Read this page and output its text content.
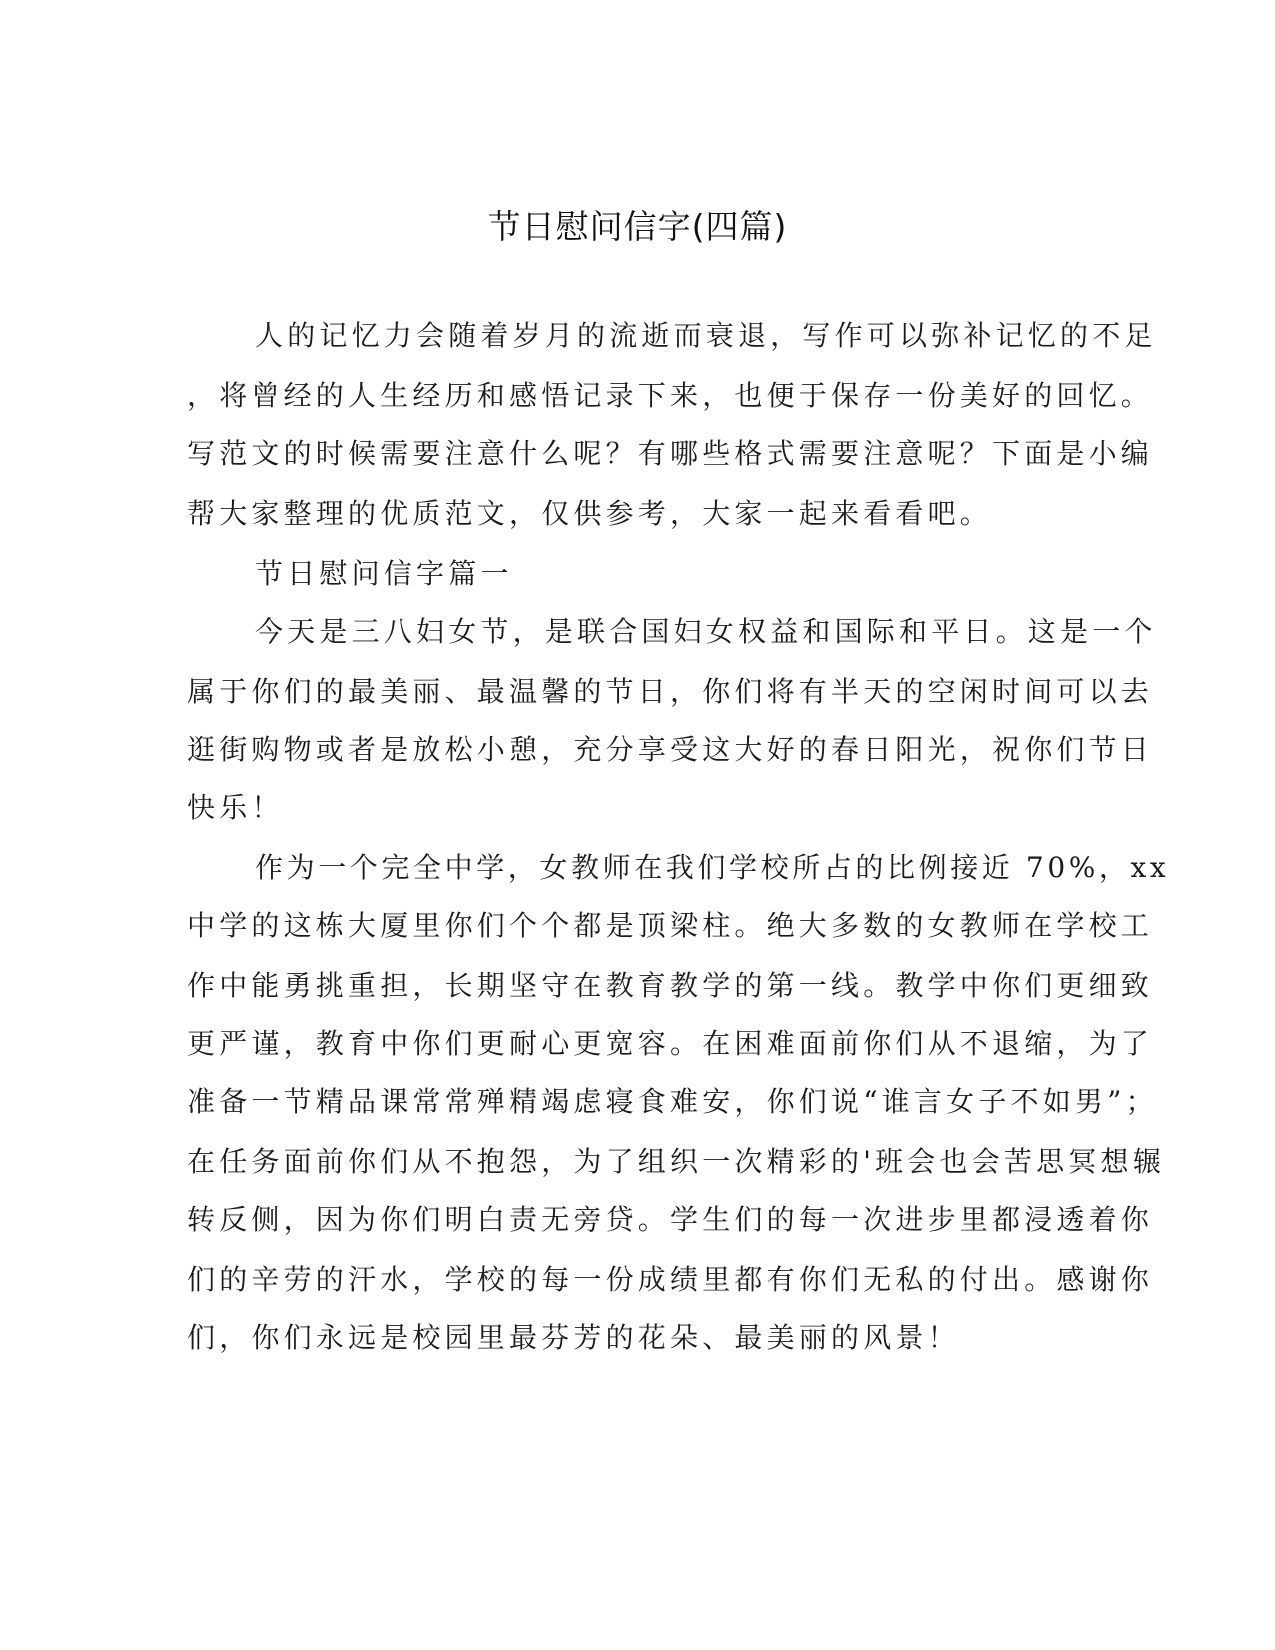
节日慰问信字(四篇)
人的记忆力会随着岁月的流逝而衰退，写作可以弥补记忆的不足
，将曾经的人生经历和感悟记录下来，也便于保存一份美好的回忆。
写范文的时候需要注意什么呢？有哪些格式需要注意呢？下面是小编
帮大家整理的优质范文，仅供参考，大家一起来看看吧。
节日慰问信字篇一
今天是三八妇女节，是联合国妇女权益和国际和平日。这是一个
属于你们的最美丽、最温馨的节日，你们将有半天的空闲时间可以去
逛街购物或者是放松小憩，充分享受这大好的春日阳光，祝你们节日
快乐！
作为一个完全中学，女教师在我们学校所占的比例接近 70%，xx
中学的这栋大厦里你们个个都是顶梁柱。绝大多数的女教师在学校工
作中能勇挑重担，长期坚守在教育教学的第一线。教学中你们更细致
更严谨，教育中你们更耐心更宽容。在困难面前你们从不退缩，为了
准备一节精品课常常殚精竭虑寝食难安，你们说“谁言女子不如男”；
在任务面前你们从不抱怨，为了组织一次精彩的'班会也会苦思冥想辗
转反侧，因为你们明白责无旁贷。学生们的每一次进步里都浸透着你
们的辛劳的汗水，学校的每一份成绩里都有你们无私的付出。感谢你
们，你们永远是校园里最芬芳的花朵、最美丽的风景！
